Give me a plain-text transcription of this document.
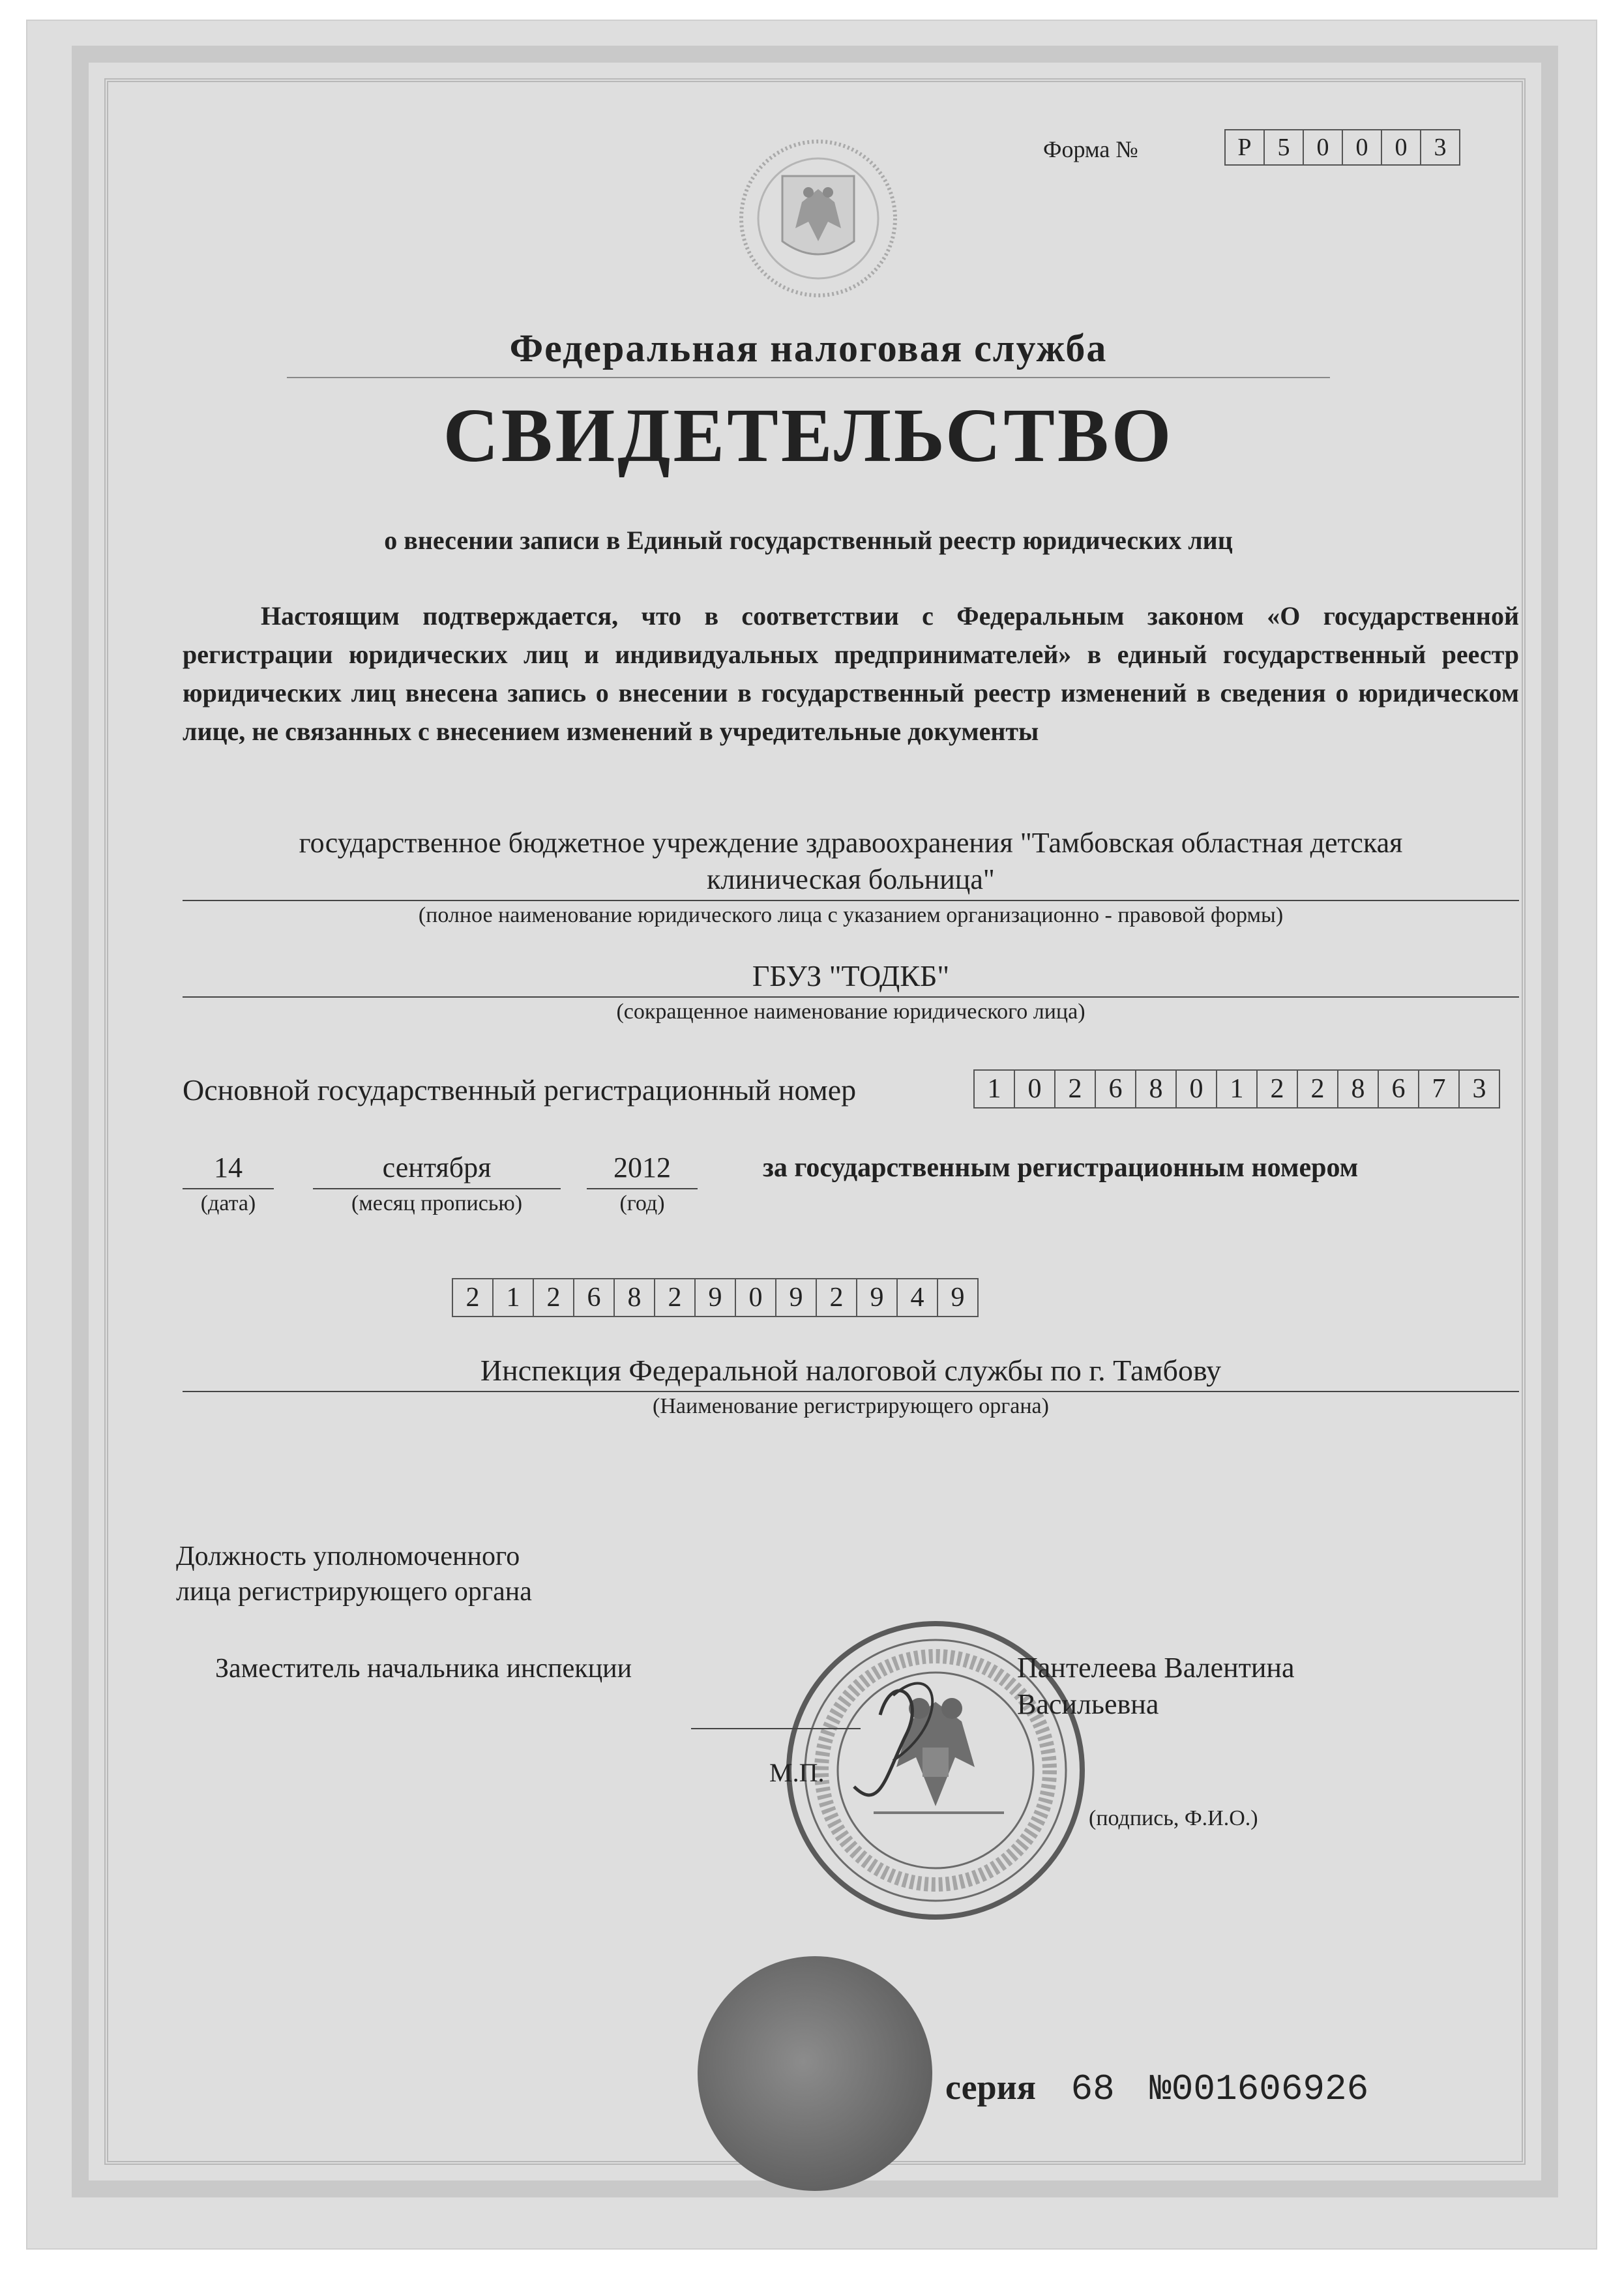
Форма №	Р	5	0	0	0	3
Федеральная налоговая служба
СВИДЕТЕЛЬСТВО
о внесении записи в Единый государственный реестр юридических лиц
Настоящим подтверждается, что в соответствии с Федеральным законом «О государственной регистрации юридических лиц и индивидуальных предпринимателей» в единый государственный реестр юридических лиц внесена запись о внесении в государственный реестр изменений в сведения о юридическом лице, не связанных с внесением изменений в учредительные документы
государственное бюджетное учреждение здравоохранения "Тамбовская областная детская
клиническая больница"
(полное наименование юридического лица с указанием организационно - правовой формы)
ГБУЗ "ТОДКБ"
(сокращенное наименование юридического лица)
Основной государственный регистрационный номер	1 0 2 6 8 0 1 2 2 8 6 7 3
14
(дата)
сентября
(месяц прописью)
2012
(год)
за государственным регистрационным номером
2 1 2 6 8 2 9 0 9 2 9 4 9
Инспекция Федеральной налоговой службы по г. Тамбову
(Наименование регистрирующего органа)
Должность уполномоченного
лица регистрирующего органа
Заместитель начальника инспекции	Пантелеева Валентина
Васильевна
М.П.
(подпись, Ф.И.О.)
серия 68 №001606926
